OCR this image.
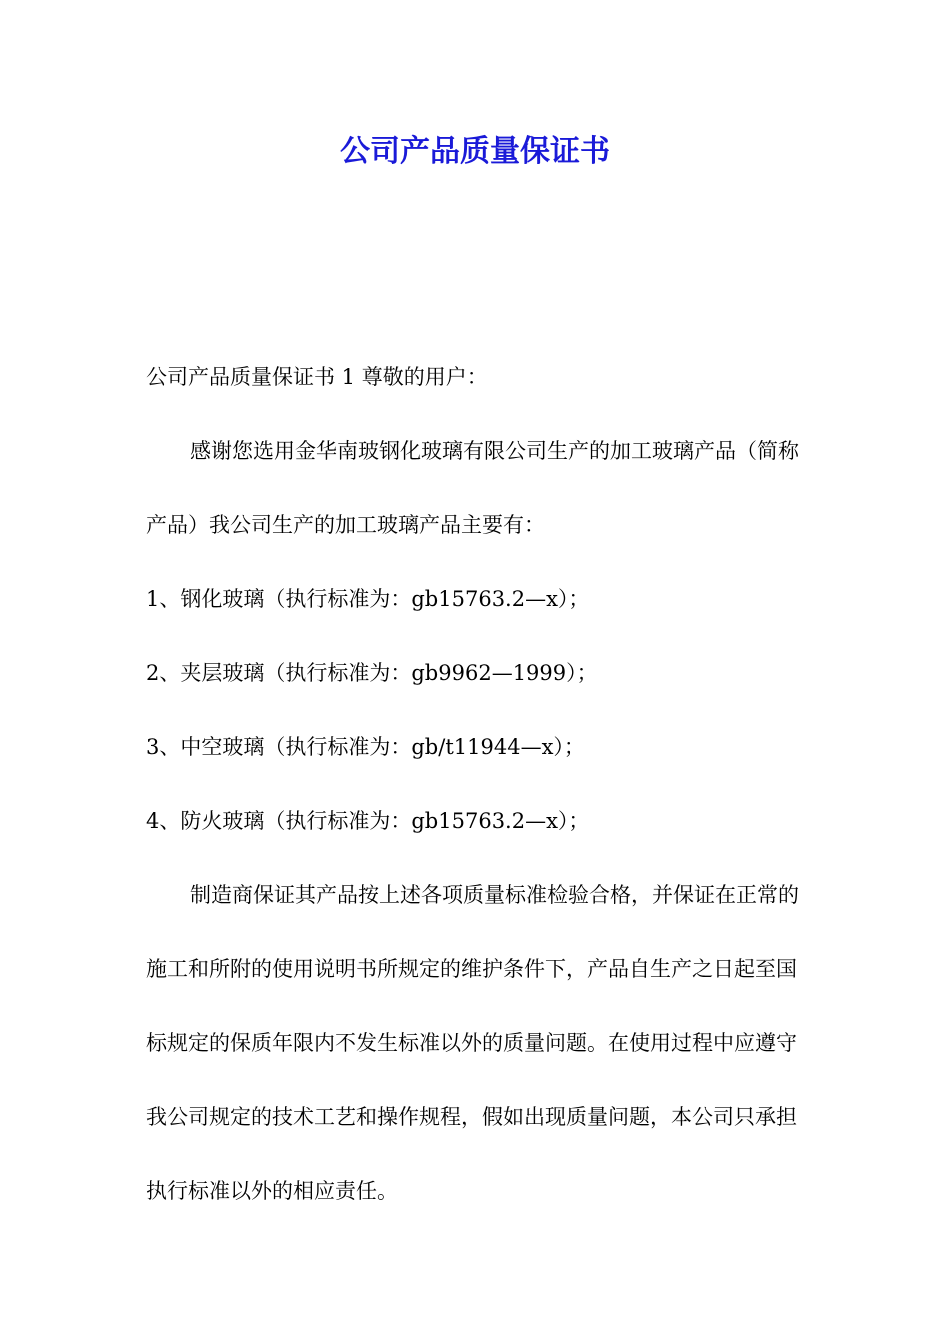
公司产品质量保证书

公司产品质量保证书 1 尊敬的用户：

感谢您选用金华南玻钢化玻璃有限公司生产的加工玻璃产品（简称产品）我公司生产的加工玻璃产品主要有：

1、钢化玻璃（执行标准为：gb15763.2—x）；

2、夹层玻璃（执行标准为：gb9962—1999）；

3、中空玻璃（执行标准为：gb/t11944—x）；

4、防火玻璃（执行标准为：gb15763.2—x）；

制造商保证其产品按上述各项质量标准检验合格，并保证在正常的施工和所附的使用说明书所规定的维护条件下，产品自生产之日起至国标规定的保质年限内不发生标准以外的质量问题。在使用过程中应遵守我公司规定的技术工艺和操作规程，假如出现质量问题，本公司只承担执行标准以外的相应责任。
